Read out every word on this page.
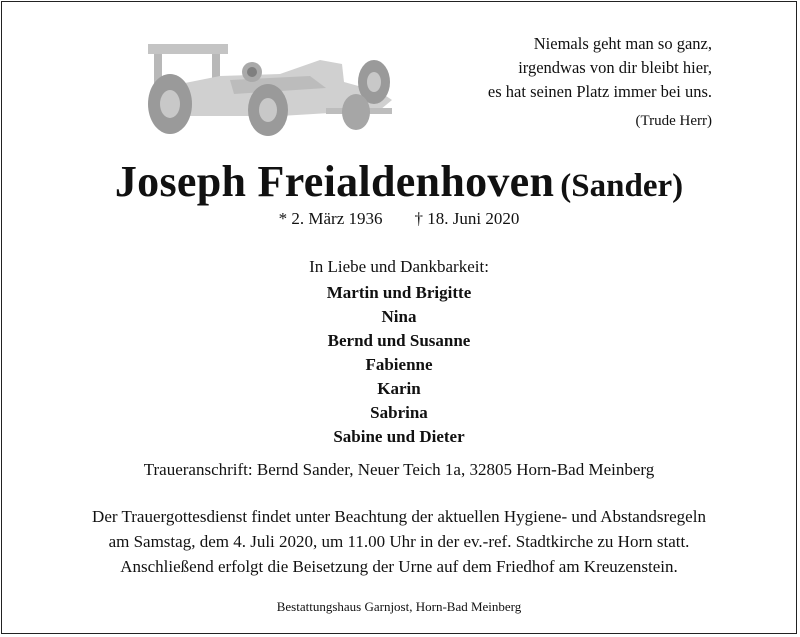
Niemals geht man so ganz,
irgendwas von dir bleibt hier,
es hat seinen Platz immer bei uns.
(Trude Herr)
Joseph Freialdenhoven (Sander)
* 2. März 1936 † 18. Juni 2020
In Liebe und Dankbarkeit:
Martin und Brigitte
Nina
Bernd und Susanne
Fabienne
Karin
Sabrina
Sabine und Dieter
Traueranschrift: Bernd Sander, Neuer Teich 1a, 32805 Horn-Bad Meinberg
Der Trauergottesdienst findet unter Beachtung der aktuellen Hygiene- und Abstandsregeln
am Samstag, dem 4. Juli 2020, um 11.00 Uhr in der ev.-ref. Stadtkirche zu Horn statt.
Anschließend erfolgt die Beisetzung der Urne auf dem Friedhof am Kreuzenstein.
Bestattungshaus Garnjost, Horn-Bad Meinberg
